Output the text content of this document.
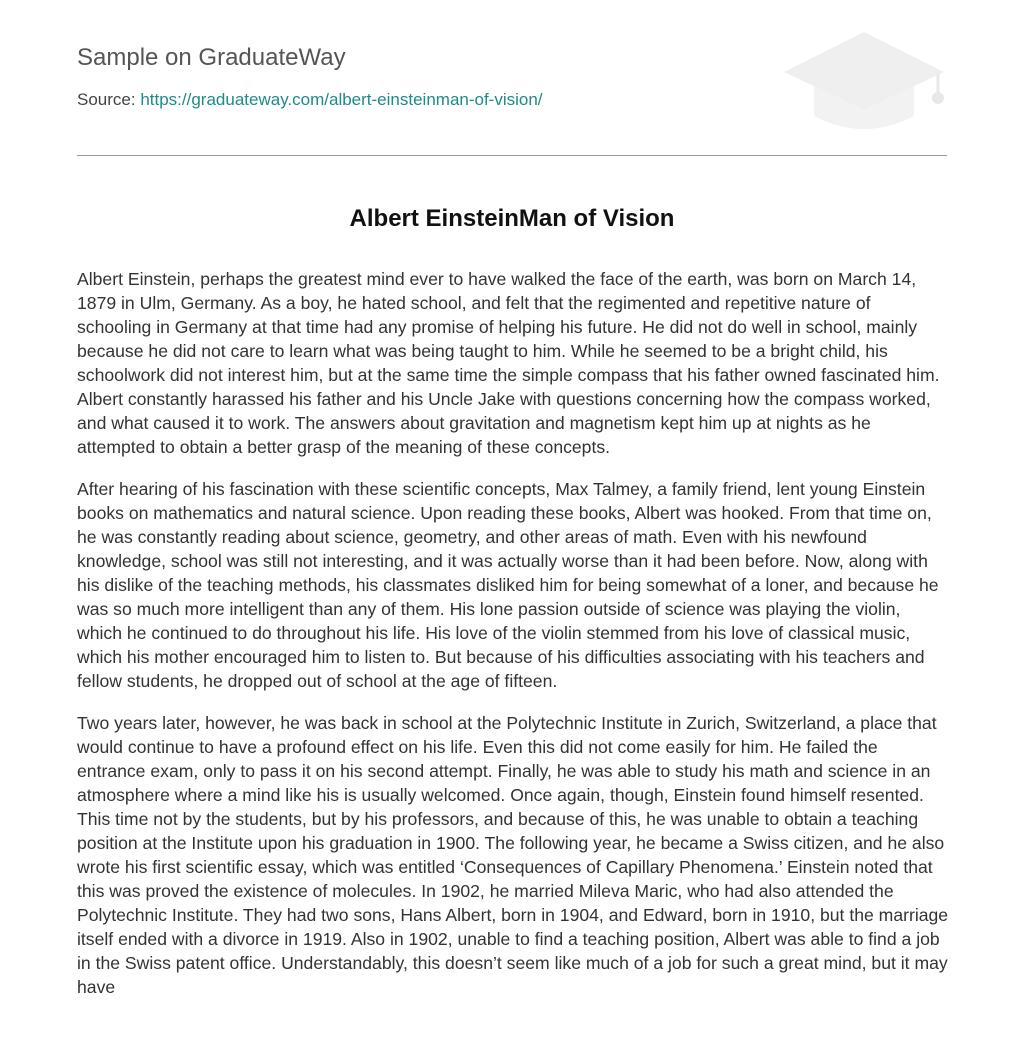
Sample on GraduateWay
Source: https://graduateway.com/albert-einsteinman-of-vision/
Albert EinsteinMan of Vision

Albert Einstein, perhaps the greatest mind ever to have walked the face of the earth, was born on March 14, 1879 in Ulm, Germany. As a boy, he hated school, and felt that the regimented and repetitive nature of schooling in Germany at that time had any promise of helping his future. He did not do well in school, mainly because he did not care to learn what was being taught to him. While he seemed to be a bright child, his schoolwork did not interest him, but at the same time the simple compass that his father owned fascinated him. Albert constantly harassed his father and his Uncle Jake with questions concerning how the compass worked, and what caused it to work. The answers about gravitation and magnetism kept him up at nights as he attempted to obtain a better grasp of the meaning of these concepts.

After hearing of his fascination with these scientific concepts, Max Talmey, a family friend, lent young Einstein books on mathematics and natural science. Upon reading these books, Albert was hooked. From that time on, he was constantly reading about science, geometry, and other areas of math. Even with his newfound knowledge, school was still not interesting, and it was actually worse than it had been before. Now, along with his dislike of the teaching methods, his classmates disliked him for being somewhat of a loner, and because he was so much more intelligent than any of them. His lone passion outside of science was playing the violin, which he continued to do throughout his life. His love of the violin stemmed from his love of classical music, which his mother encouraged him to listen to. But because of his difficulties associating with his teachers and fellow students, he dropped out of school at the age of fifteen.

Two years later, however, he was back in school at the Polytechnic Institute in Zurich, Switzerland, a place that would continue to have a profound effect on his life. Even this did not come easily for him. He failed the entrance exam, only to pass it on his second attempt. Finally, he was able to study his math and science in an atmosphere where a mind like his is usually welcomed. Once again, though, Einstein found himself resented. This time not by the students, but by his professors, and because of this, he was unable to obtain a teaching position at the Institute upon his graduation in 1900. The following year, he became a Swiss citizen, and he also wrote his first scientific essay, which was entitled ‘Consequences of Capillary Phenomena.’ Einstein noted that this was proved the existence of molecules. In 1902, he married Mileva Maric, who had also attended the Polytechnic Institute. They had two sons, Hans Albert, born in 1904, and Edward, born in 1910, but the marriage itself ended with a divorce in 1919. Also in 1902, unable to find a teaching position, Albert was able to find a job in the Swiss patent office. Understandably, this doesn’t seem like much of a job for such a great mind, but it may have
